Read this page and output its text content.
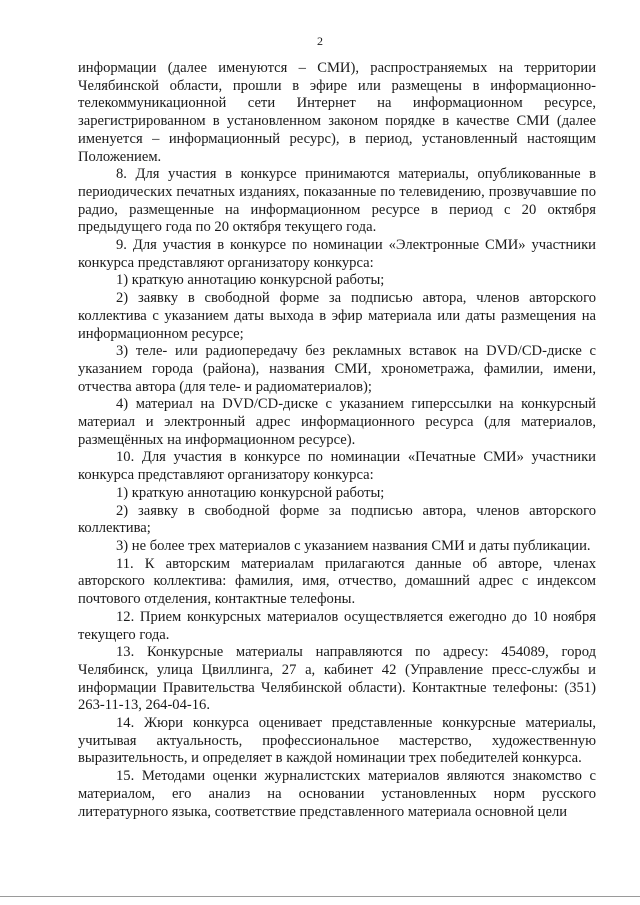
2

информации (далее именуются – СМИ), распространяемых на территории Челябинской области, прошли в эфире или размещены в информационно-телекоммуникационной сети Интернет на информационном ресурсе, зарегистрированном в установленном законом порядке в качестве СМИ (далее именуется – информационный ресурс), в период, установленный настоящим Положением.

8. Для участия в конкурсе принимаются материалы, опубликованные в периодических печатных изданиях, показанные по телевидению, прозвучавшие по радио, размещенные на информационном ресурсе в период с 20 октября предыдущего года по 20 октября текущего года.

9. Для участия в конкурсе по номинации «Электронные СМИ» участники конкурса представляют организатору конкурса:

1) краткую аннотацию конкурсной работы;

2) заявку в свободной форме за подписью автора, членов авторского коллектива с указанием даты выхода в эфир материала или даты размещения на информационном ресурсе;

3) теле- или радиопередачу без рекламных вставок на DVD/CD-диске с указанием города (района), названия СМИ, хронометража, фамилии, имени, отчества автора (для теле- и радиоматериалов);

4) материал на DVD/CD-диске с указанием гиперссылки на конкурсный материал и электронный адрес информационного ресурса (для материалов, размещённых на информационном ресурсе).

10. Для участия в конкурсе по номинации «Печатные СМИ» участники конкурса представляют организатору конкурса:

1) краткую аннотацию конкурсной работы;

2) заявку в свободной форме за подписью автора, членов авторского коллектива;

3) не более трех материалов с указанием названия СМИ и даты публикации.

11. К авторским материалам прилагаются данные об авторе, членах авторского коллектива: фамилия, имя, отчество, домашний адрес с индексом почтового отделения, контактные телефоны.

12. Прием конкурсных материалов осуществляется ежегодно до 10 ноября текущего года.

13. Конкурсные материалы направляются по адресу: 454089, город Челябинск, улица Цвиллинга, 27 а, кабинет 42 (Управление пресс-службы и информации Правительства Челябинской области). Контактные телефоны: (351) 263-11-13, 264-04-16.

14. Жюри конкурса оценивает представленные конкурсные материалы, учитывая актуальность, профессиональное мастерство, художественную выразительность, и определяет в каждой номинации трех победителей конкурса.

15. Методами оценки журналистских материалов являются знакомство с материалом, его анализ на основании установленных норм русского литературного языка, соответствие представленного материала основной цели
